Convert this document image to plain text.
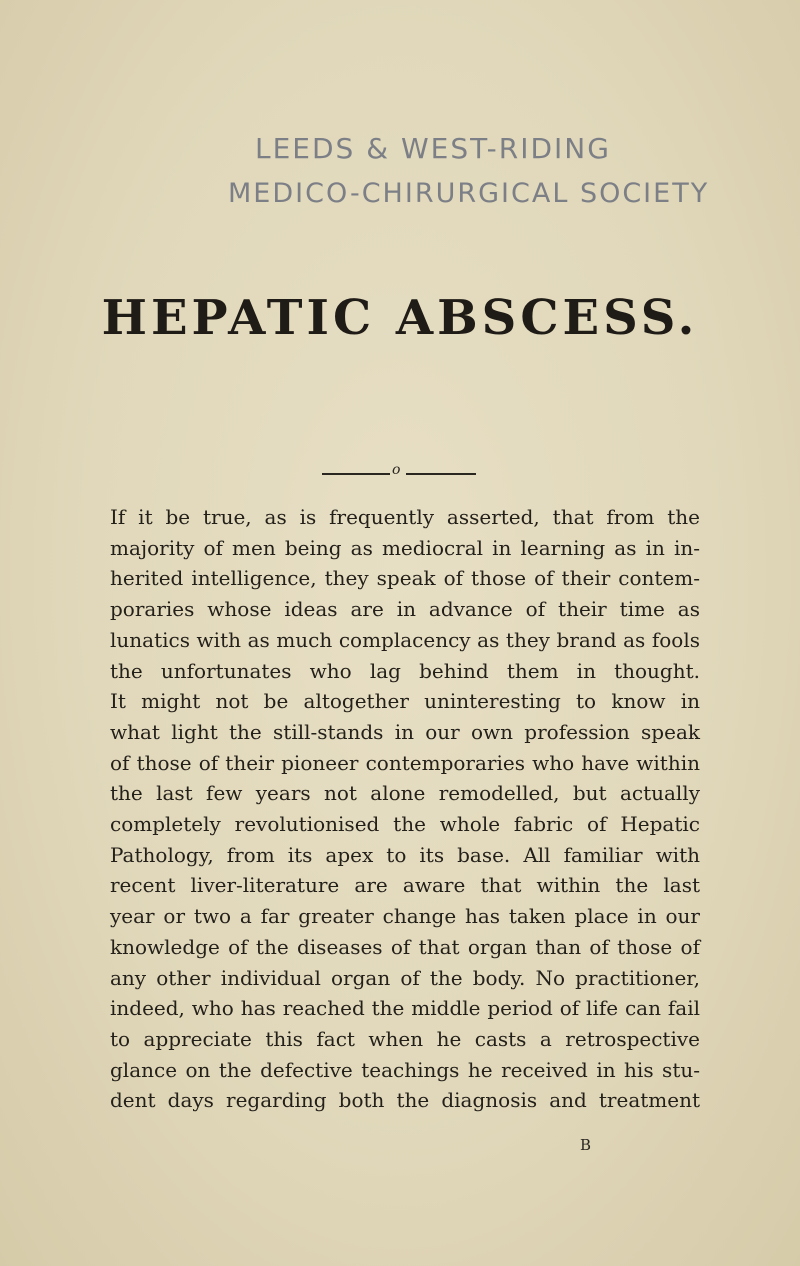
LEEDS & WEST-RIDING
MEDICO-CHIRURGICAL SOCIETY
HEPATIC ABSCESS.
o
If it be true, as is frequently asserted, that from the
majority of men being as mediocral in learning as in in-
herited intelligence, they speak of those of their contem-
poraries whose ideas are in advance of their time as
lunatics with as much complacency as they brand as fools
the unfortunates who lag behind them in thought.
It might not be altogether uninteresting to know in
what light the still-stands in our own profession speak
of those of their pioneer contemporaries who have within
the last few years not alone remodelled, but actually
completely revolutionised the whole fabric of Hepatic
Pathology, from its apex to its base. All familiar with
recent liver-literature are aware that within the last
year or two a far greater change has taken place in our
knowledge of the diseases of that organ than of those of
any other individual organ of the body. No practitioner,
indeed, who has reached the middle period of life can fail
to appreciate this fact when he casts a retrospective
glance on the defective teachings he received in his stu-
dent days regarding both the diagnosis and treatment
B
